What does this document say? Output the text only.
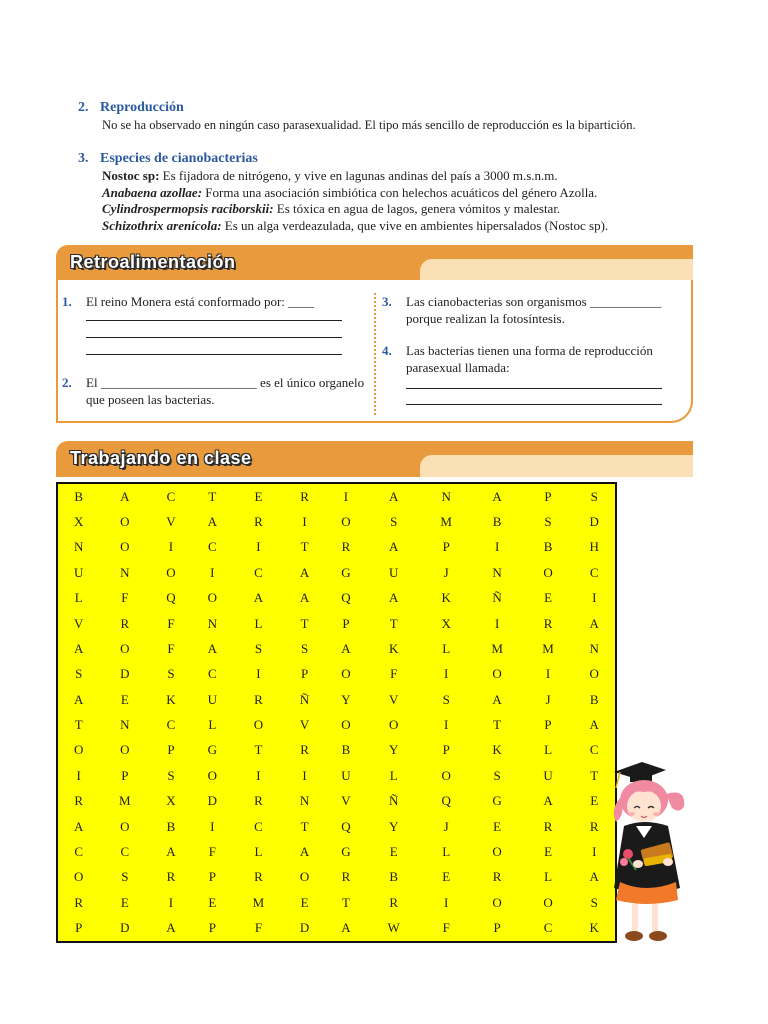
2. Reproducción
No se ha observado en ningún caso parasexualidad. El tipo más sencillo de reproducción es la bipartición.
3. Especies de cianobacterias
Nostoc sp: Es fijadora de nitrógeno, y vive en lagunas andinas del país a 3000 m.s.n.m.
Anabaena azollae: Forma una asociación simbiótica con helechos acuáticos del género Azolla.
Cylindrospermopsis raciborskii: Es tóxica en agua de lagos, genera vómitos y malestar.
Schizothrix arenícola: Es un alga verdeazulada, que vive en ambientes hipersalados (Nostoc sp).
Retroalimentación
1. El reino Monera está conformado por: ____
2. El ________________________ es el único organelo
que poseen las bacterias.
3. Las cianobacterias son organismos ___________
porque realizan la fotosíntesis.
4. Las bacterias tienen una forma de reproducción
parasexual llamada:
Trabajando en clase
B	A	C	T	E	R	I	A	N	A	P	S
X	O	V	A	R	I	O	S	M	B	S	D
N	O	I	C	I	T	R	A	P	I	B	H
U	N	O	I	C	A	G	U	J	N	O	C
L	F	Q	O	A	A	Q	A	K	Ñ	E	I
V	R	F	N	L	T	P	T	X	I	R	A
A	O	F	A	S	S	A	K	L	M	M	N
S	D	S	C	I	P	O	F	I	O	I	O
A	E	K	U	R	Ñ	Y	V	S	A	J	B
T	N	C	L	O	V	O	O	I	T	P	A
O	O	P	G	T	R	B	Y	P	K	L	C
I	P	S	O	I	I	U	L	O	S	U	T
R	M	X	D	R	N	V	Ñ	Q	G	A	E
A	O	B	I	C	T	Q	Y	J	E	R	R
C	C	A	F	L	A	G	E	L	O	E	I
O	S	R	P	R	O	R	B	E	R	L	A
R	E	I	E	M	E	T	R	I	O	O	S
P	D	A	P	F	D	A	W	F	P	C	K
